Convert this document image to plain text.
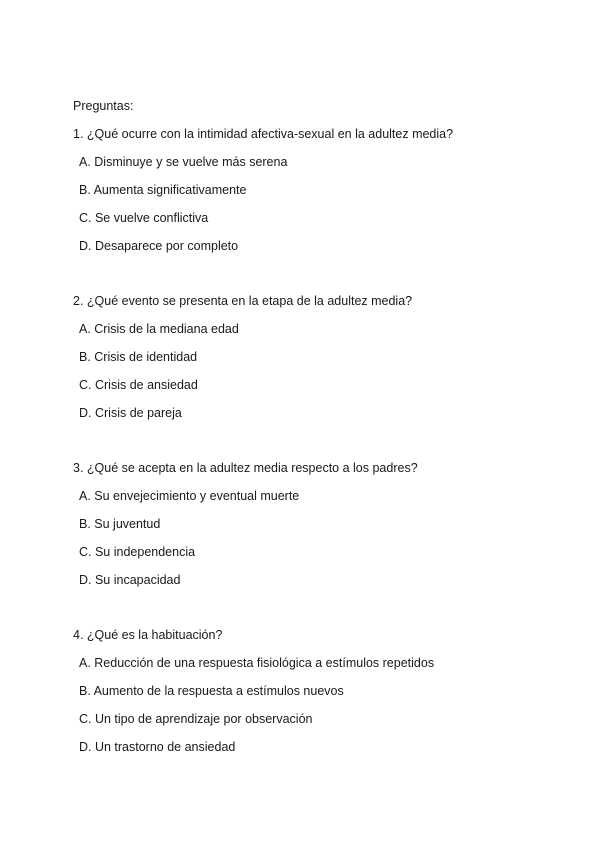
Preguntas:

1. ¿Qué ocurre con la intimidad afectiva-sexual en la adultez media?

A. Disminuye y se vuelve más serena

B. Aumenta significativamente

C. Se vuelve conflictiva

D. Desaparece por completo

2. ¿Qué evento se presenta en la etapa de la adultez media?

A. Crisis de la mediana edad

B. Crisis de identidad

C. Crisis de ansiedad

D. Crisis de pareja

3. ¿Qué se acepta en la adultez media respecto a los padres?

A. Su envejecimiento y eventual muerte

B. Su juventud

C. Su independencia

D. Su incapacidad

4. ¿Qué es la habituación?

A. Reducción de una respuesta fisiológica a estímulos repetidos

B. Aumento de la respuesta a estímulos nuevos

C. Un tipo de aprendizaje por observación

D. Un trastorno de ansiedad
